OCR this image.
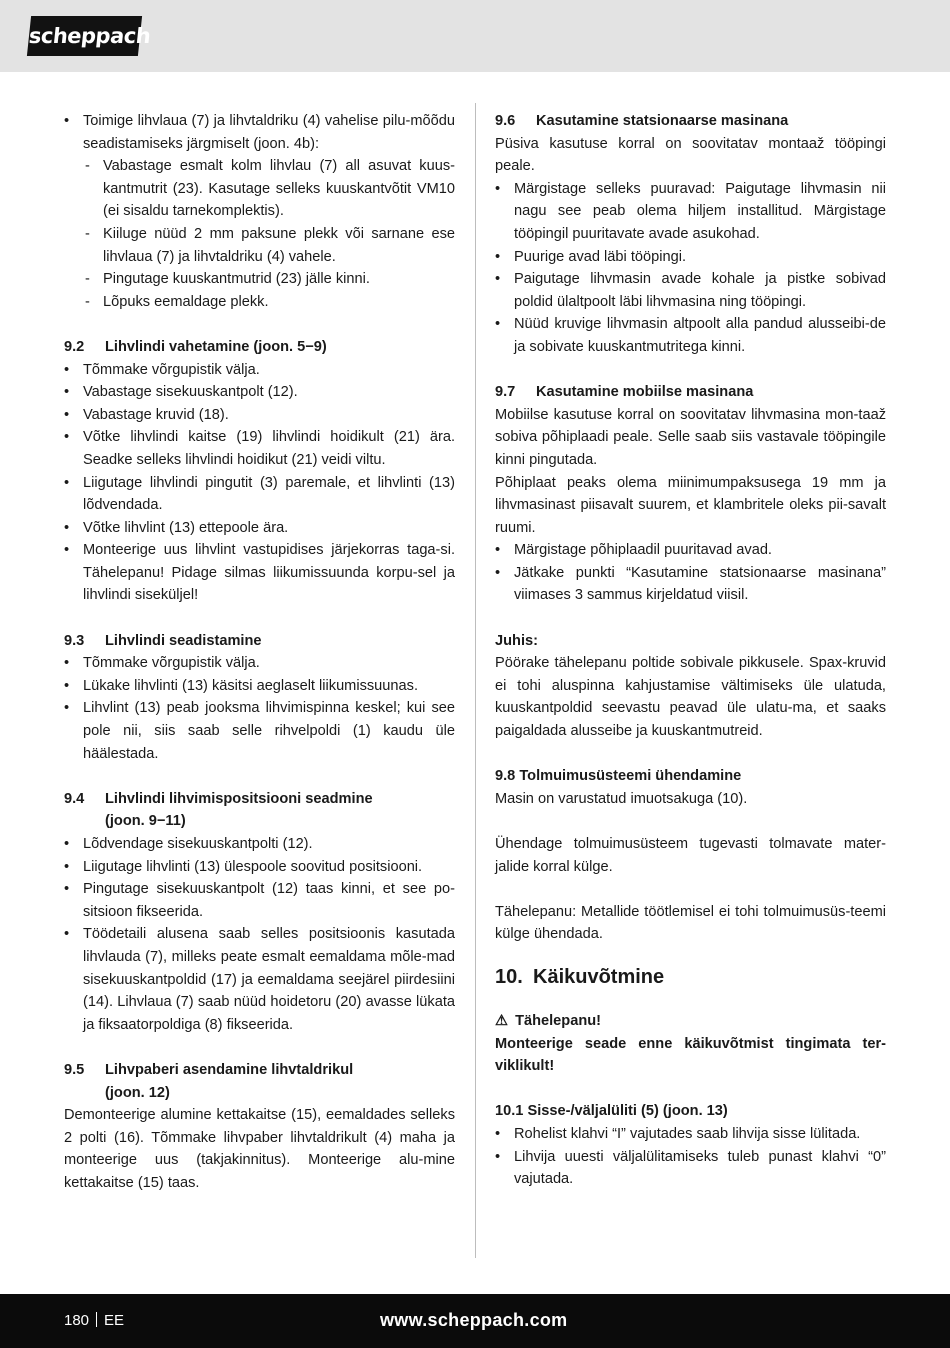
scheppach
• Toimige lihvlaua (7) ja lihvtaldriku (4) vahelise pilu-mõõdu seadistamiseks järgmiselt (joon. 4b):
- Vabastage esmalt kolm lihvlau (7) all asuvat kuus-kantmutrit (23). Kasutage selleks kuuskantvõtit VM10 (ei sisaldu tarnekomplektis).
- Kiiluge nüüd 2 mm paksune plekk või sarnane ese lihvlaua (7) ja lihvtaldriku (4) vahele.
- Pingutage kuuskantmutrid (23) jälle kinni.
- Lõpuks eemaldage plekk.
9.2 Lihvlindi vahetamine (joon. 5−9)
• Tõmmake võrgupistik välja.
• Vabastage sisekuuskantpolt (12).
• Vabastage kruvid (18).
• Võtke lihvlindi kaitse (19) lihvlindi hoidikult (21) ära. Seadke selleks lihvlindi hoidikut (21) veidi viltu.
• Liigutage lihvlindi pingutit (3) paremale, et lihvlinti (13) lõdvendada.
• Võtke lihvlint (13) ettepoole ära.
• Monteerige uus lihvlint vastupidises järjekorras taga-si. Tähelepanu! Pidage silmas liikumissuunda korpu-sel ja lihvlindi siseküljel!
9.3 Lihvlindi seadistamine
• Tõmmake võrgupistik välja.
• Lükake lihvlinti (13) käsitsi aeglaselt liikumissuunas.
• Lihvlint (13) peab jooksma lihvimispinna keskel; kui see pole nii, siis saab selle rihvelpoldi (1) kaudu üle häälestada.
9.4 Lihvlindi lihvimispositsiooni seadmine
(joon. 9−11)
• Lõdvendage sisekuuskantpolti (12).
• Liigutage lihvlinti (13) ülespoole soovitud positsiooni.
• Pingutage sisekuuskantpolt (12) taas kinni, et see po-sitsioon fikseerida.
• Töödetaili alusena saab selles positsioonis kasutada lihvlauda (7), milleks peate esmalt eemaldama mõle-mad sisekuuskantpoldid (17) ja eemaldama seejärel piirdesiini (14). Lihvlaua (7) saab nüüd hoidetoru (20) avasse lükata ja fiksaatorpoldiga (8) fikseerida.
9.5 Lihvpaberi asendamine lihvtaldrikul
(joon. 12)

Demonteerige alumine kettakaitse (15), eemaldades selleks 2 polti (16). Tõmmake lihvpaber lihvtaldrikult (4) maha ja monteerige uus (takjakinnitus). Monteerige alu-mine kettakaitse (15) taas.

9.6 Kasutamine statsionaarse masinana

Püsiva kasutuse korral on soovitatav montaaž tööpingi peale.

• Märgistage selleks puuravad: Paigutage lihvmasin nii nagu see peab olema hiljem installitud. Märgistage tööpingil puuritavate avade asukohad.
• Puurige avad läbi tööpingi.
• Paigutage lihvmasin avade kohale ja pistke sobivad poldid ülaltpoolt läbi lihvmasina ning tööpingi.
• Nüüd kruvige lihvmasin altpoolt alla pandud alusseibi-de ja sobivate kuuskantmutritega kinni.
9.7 Kasutamine mobiilse masinana

Mobiilse kasutuse korral on soovitatav lihvmasina mon-taaž sobiva põhiplaadi peale. Selle saab siis vastavale tööpingile kinni pingutada.

Põhiplaat peaks olema miinimumpaksusega 19 mm ja lihvmasinast piisavalt suurem, et klambritele oleks pii-savalt ruumi.

• Märgistage põhiplaadil puuritavad avad.
• Jätkake punkti “Kasutamine statsionaarse masinana” viimases 3 sammus kirjeldatud viisil.
Juhis:

Pöörake tähelepanu poltide sobivale pikkusele. Spax-kruvid ei tohi aluspinna kahjustamise vältimiseks üle ulatuda, kuuskantpoldid seevastu peavad üle ulatu-ma, et saaks paigaldada alusseibe ja kuuskantmutreid.

9.8 Tolmuimusüsteemi ühendamine

Masin on varustatud imuotsakuga (10).

Ühendage tolmuimusüsteem tugevasti tolmavate mater-jalide korral külge.

Tähelepanu: Metallide töötlemisel ei tohi tolmuimusüs-teemi külge ühendada.

10. Käikuvõtmine
⚠ Tähelepanu!

Monteerige seade enne käikuvõtmist tingimata ter-viklikult!

10.1 Sisse-/väljalüliti (5) (joon. 13)
• Rohelist klahvi “I” vajutades saab lihvija sisse lülitada.
• Lihvija uuesti väljalülitamiseks tuleb punast klahvi “0” vajutada.
180 EE	www.scheppach.com
